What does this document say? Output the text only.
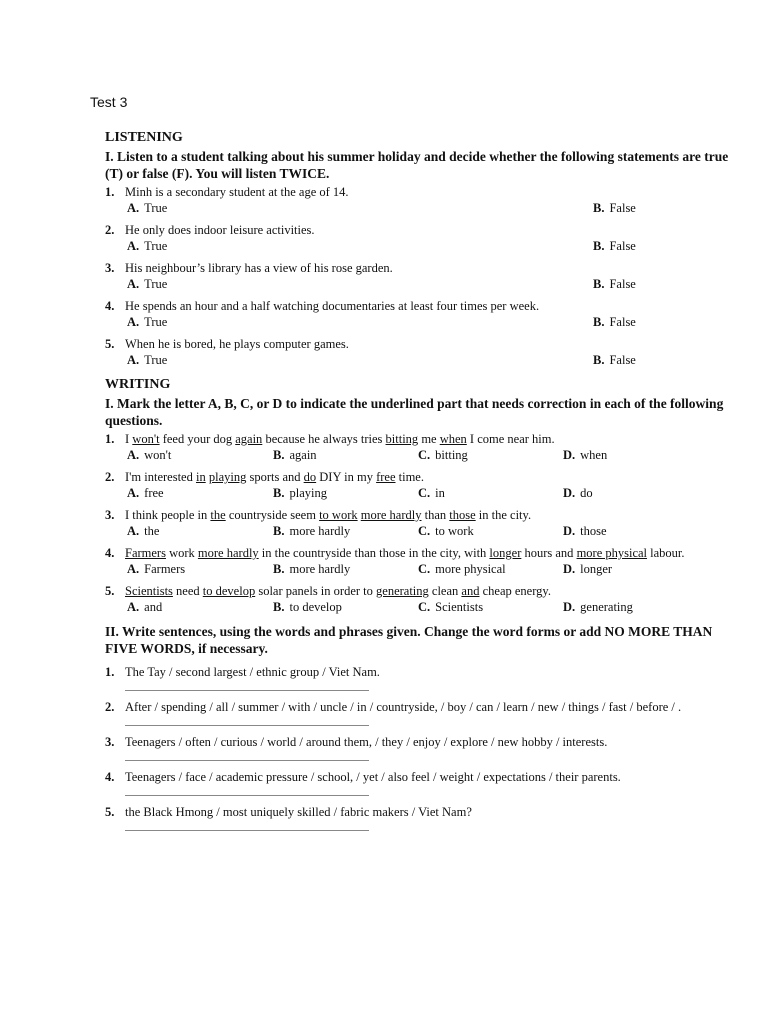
Test 3

LISTENING

I. Listen to a student talking about his summer holiday and decide whether the following statements are true (T) or false (F). You will listen TWICE.

1. Minh is a secondary student at the age of 14.
A. True	B. False
2. He only does indoor leisure activities.
A. True	B. False
3. His neighbour’s library has a view of his rose garden.
A. True	B. False
4. He spends an hour and a half watching documentaries at least four times per week.
A. True	B. False
5. When he is bored, he plays computer games.
A. True	B. False

WRITING

I. Mark the letter A, B, C, or D to indicate the underlined part that needs correction in each of the following questions.

1. I won't feed your dog again because he always tries bitting me when I come near him.
A. won't	B. again	C. bitting	D. when
2. I'm interested in playing sports and do DIY in my free time.
A. free	B. playing	C. in	D. do
3. I think people in the countryside seem to work more hardly than those in the city.
A. the	B. more hardly	C. to work	D. those
4. Farmers work more hardly in the countryside than those in the city, with longer hours and more physical labour.
A. Farmers	B. more hardly	C. more physical	D. longer
5. Scientists need to develop solar panels in order to generating clean and cheap energy.
A. and	B. to develop	C. Scientists	D. generating

II. Write sentences, using the words and phrases given. Change the word forms or add NO MORE THAN FIVE WORDS, if necessary.

1. The Tay / second largest / ethnic group / Viet Nam.
2. After / spending / all / summer / with / uncle / in / countryside, / boy / can / learn / new / things / fast / before / .
3. Teenagers / often / curious / world / around them, / they / enjoy / explore / new hobby / interests.
4. Teenagers / face / academic pressure / school, / yet / also feel / weight / expectations / their parents.
5. the Black Hmong / most uniquely skilled / fabric makers / Viet Nam?
